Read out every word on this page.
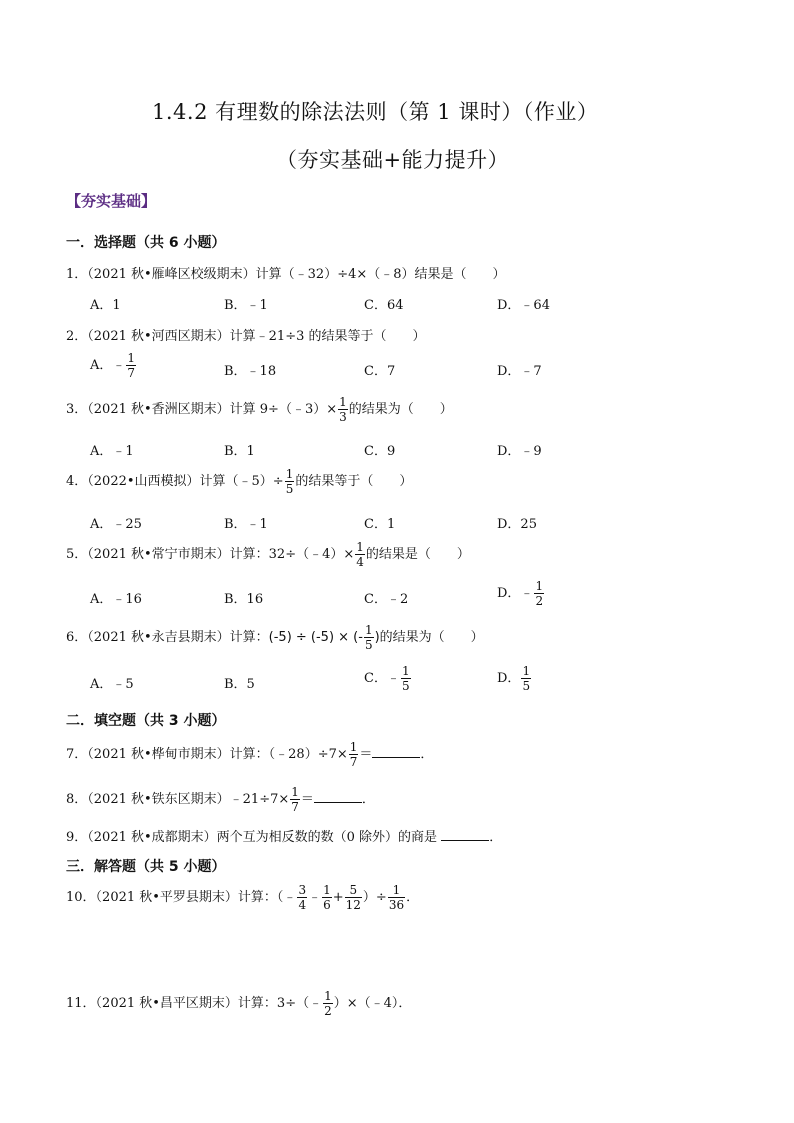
1.4.2 有理数的除法法则（第 1 课时）（作业）
（夯实基础+能力提升）
【夯实基础】
一．选择题（共 6 小题）
1．（2021 秋•雁峰区校级期末）计算（﹣32）÷4×（﹣8）结果是（　　）
A．1	B．﹣1	C．64	D．﹣64
2．（2021 秋•河西区期末）计算﹣21÷3 的结果等于（　　）
A．﹣ $\frac{1}{7}$	B．﹣18	C．7	D．﹣7
3．（2021 秋•香洲区期末）计算 9÷（﹣3）× $\frac{1}{3}$ 的结果为（　　）
A．﹣1	B．1	C．9	D．﹣9
4．（2022•山西模拟）计算（﹣5）÷ $\frac{1}{5}$ 的结果等于（　　）
A．﹣25	B．﹣1	C．1	D．25
5．（2021 秋•常宁市期末）计算：32÷（﹣4）× $\frac{1}{4}$ 的结果是（　　）
A．﹣16	B．16	C．﹣2	D．﹣ $\frac{1}{2}$
6．（2021 秋•永吉县期末）计算：(-5) ÷ (-5) × (- $\frac{1}{5}$ )的结果为（　　）
A．﹣5	B．5	C．﹣ $\frac{1}{5}$	D． $\frac{1}{5}$
二．填空题（共 3 小题）
7．（2021 秋•桦甸市期末）计算：（﹣28）÷7× $\frac{1}{7}$ ＝	．
8．（2021 秋•铁东区期末）﹣21÷7× $\frac{1}{7}$ ＝	．
9．（2021 秋•成都期末）两个互为相反数的数（0 除外）的商是	．
三．解答题（共 5 小题）
10．（2021 秋•平罗县期末）计算：（﹣ $\frac{3}{4}$ ﹣ $\frac{1}{6} + \frac{5}{12}$ ）÷ $\frac{1}{36}$ ．
11．（2021 秋•昌平区期末）计算：3÷（﹣ $\frac{1}{2}$ ）×（﹣4）．
